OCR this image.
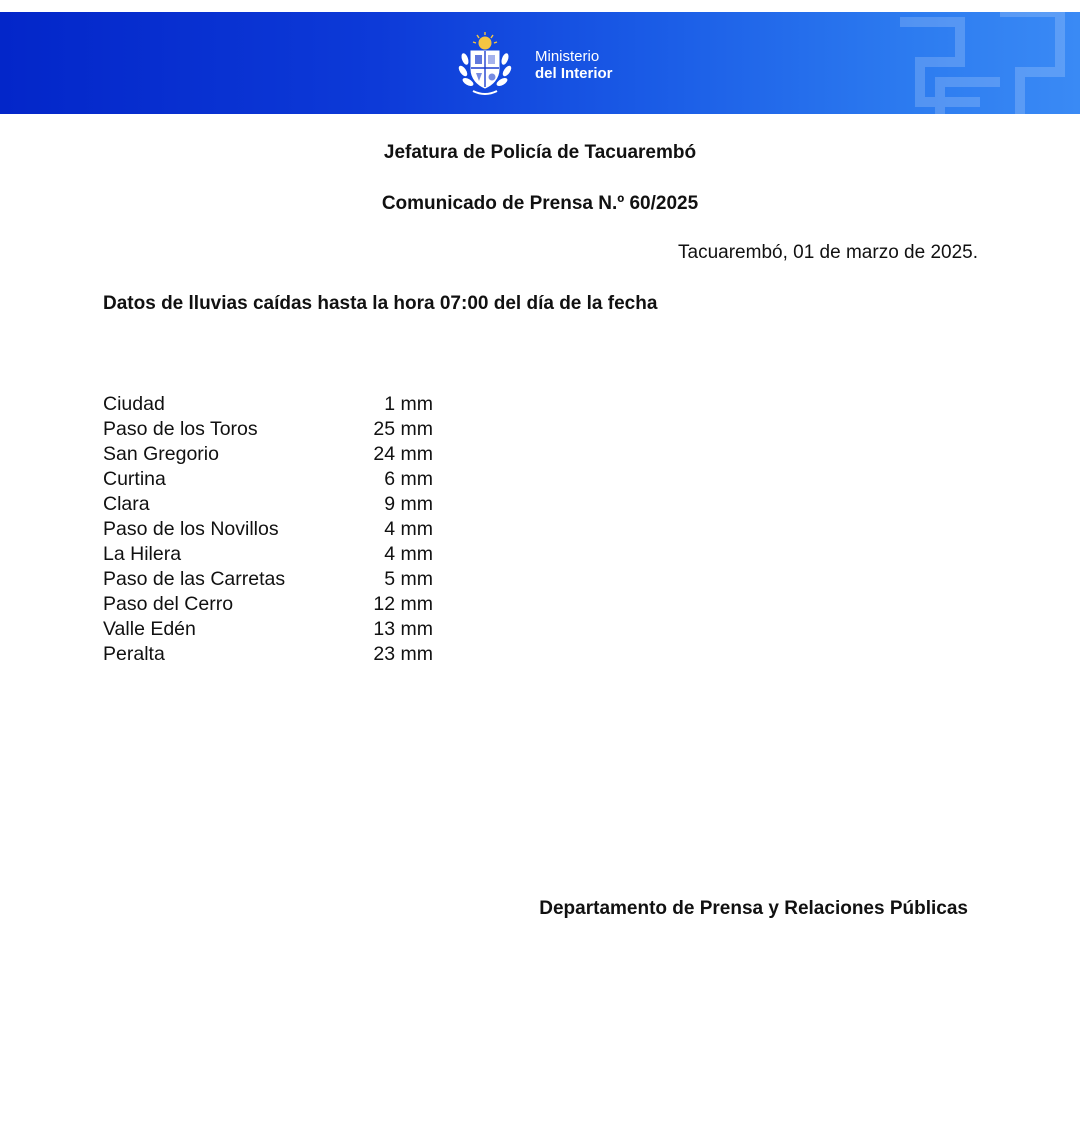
Ministerio
del Interior
Jefatura de Policía de Tacuarembó
Comunicado de Prensa N.º 60/2025
Tacuarembó, 01 de marzo de 2025.
Datos de lluvias caídas hasta la hora 07:00 del día de la fecha
Ciudad	1 mm
Paso de los Toros	25 mm
San Gregorio	24 mm
Curtina	6 mm
Clara	9 mm
Paso de los Novillos	4 mm
La Hilera	4 mm
Paso de las Carretas	5 mm
Paso del Cerro	12 mm
Valle Edén	13 mm
Peralta	23 mm
Departamento de Prensa y Relaciones Públicas
